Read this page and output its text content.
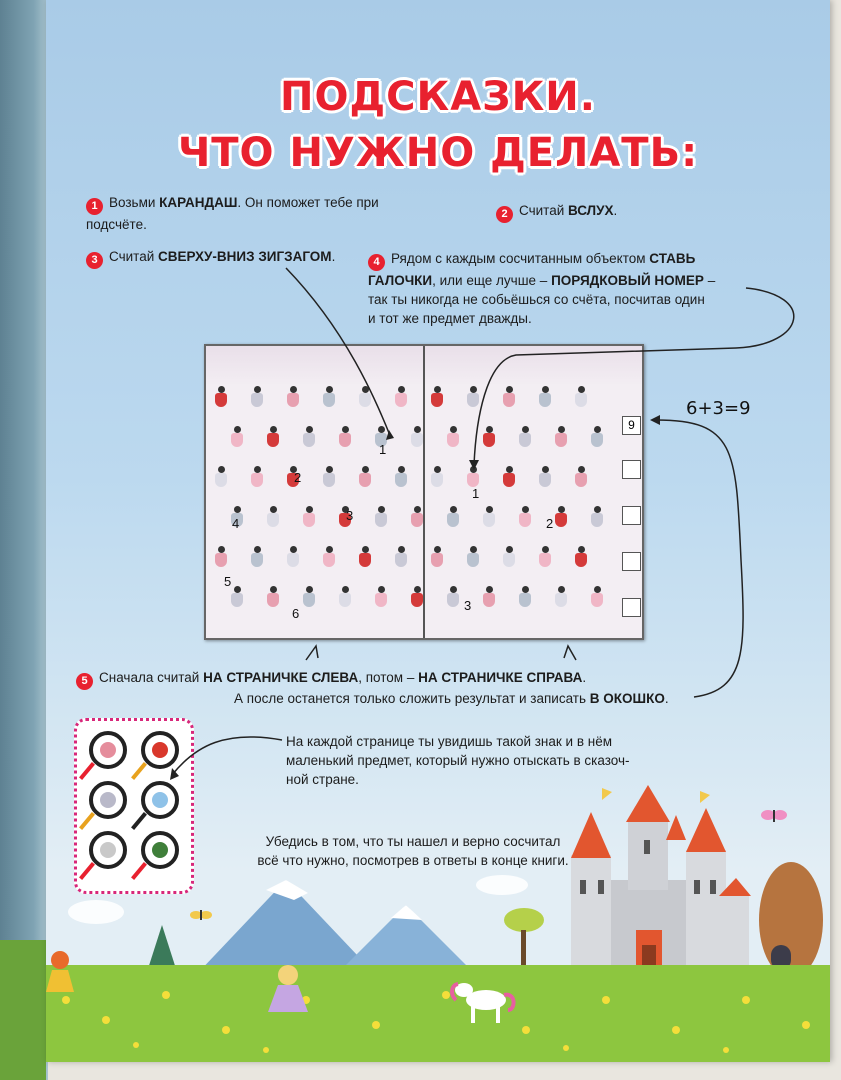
ПОДСКАЗКИ.
ЧТО НУЖНО ДЕЛАТЬ:
1 Возьми КАРАНДАШ. Он поможет тебе при
подсчёте.
2 Считай ВСЛУХ.
3 Считай СВЕРХУ-ВНИЗ ЗИГЗАГОМ.	4 Рядом с каждым сосчитанным объектом СТАВЬ
ГАЛОЧКИ, или еще лучше – ПОРЯДКОВЫЙ НОМЕР –
так ты никогда не собьёшься со счёта, посчитав один
и тот же предмет дважды.
1
2
3
4
5
6
1
2
3
9
6+3=9
5 Сначала считай НА СТРАНИЧКЕ СЛЕВА, потом – НА СТРАНИЧКЕ СПРАВА.
А после останется только сложить результат и записать В ОКОШКО.
На каждой странице ты увидишь такой знак и в нём
маленький предмет, который нужно отыскать в сказоч-
ной стране.
Убедись в том, что ты нашел и верно сосчитал
всё что нужно, посмотрев в ответы в конце книги.
